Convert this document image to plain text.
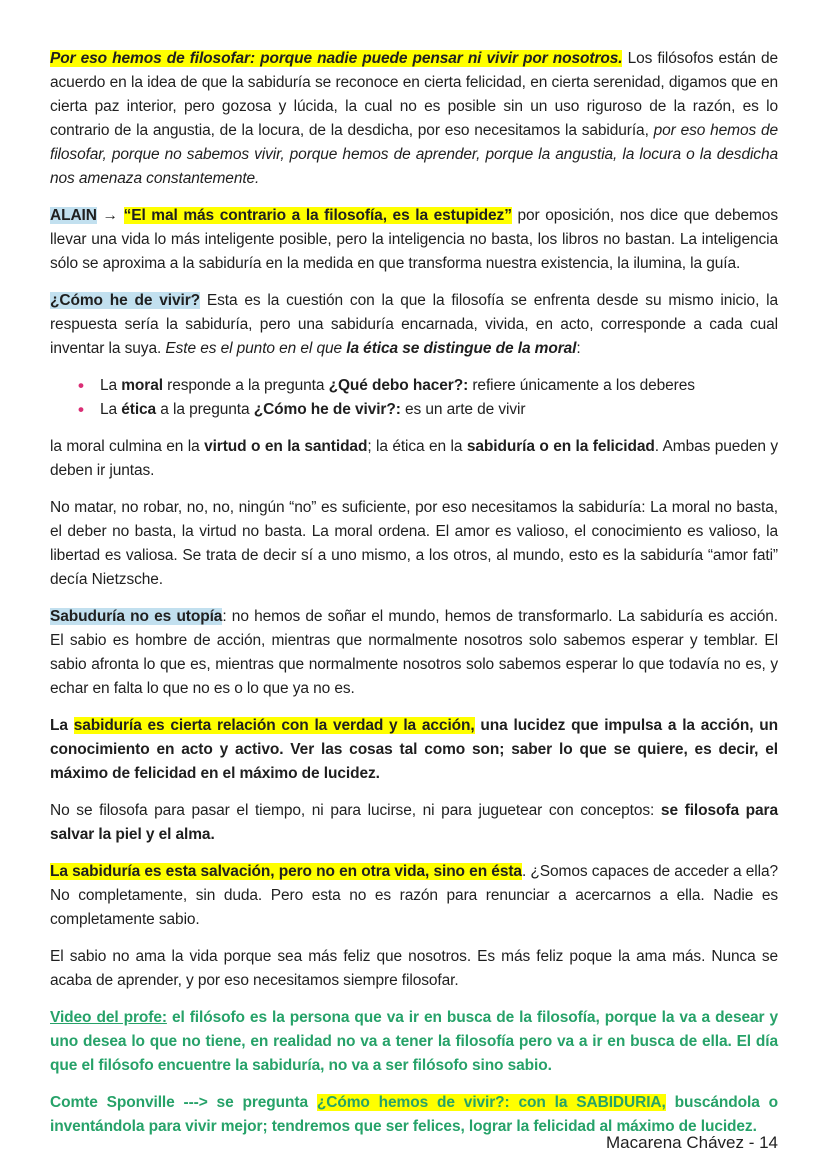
Por eso hemos de filosofar: porque nadie puede pensar ni vivir por nosotros. Los filósofos están de acuerdo en la idea de que la sabiduría se reconoce en cierta felicidad, en cierta serenidad, digamos que en cierta paz interior, pero gozosa y lúcida, la cual no es posible sin un uso riguroso de la razón, es lo contrario de la angustia, de la locura, de la desdicha, por eso necesitamos la sabiduría, por eso hemos de filosofar, porque no sabemos vivir, porque hemos de aprender, porque la angustia, la locura o la desdicha nos amenaza constantemente.

ALAIN → “El mal más contrario a la filosofía, es la estupidez” por oposición, nos dice que debemos llevar una vida lo más inteligente posible, pero la inteligencia no basta, los libros no bastan. La inteligencia sólo se aproxima a la sabiduría en la medida en que transforma nuestra existencia, la ilumina, la guía.

¿Cómo he de vivir? Esta es la cuestión con la que la filosofía se enfrenta desde su mismo inicio, la respuesta sería la sabiduría, pero una sabiduría encarnada, vivida, en acto, corresponde a cada cual inventar la suya. Este es el punto en el que la ética se distingue de la moral:

• La moral responde a la pregunta ¿Qué debo hacer?: refiere únicamente a los deberes
• La ética a la pregunta ¿Cómo he de vivir?: es un arte de vivir

la moral culmina en la virtud o en la santidad; la ética en la sabiduría o en la felicidad. Ambas pueden y deben ir juntas.

No matar, no robar, no, no, ningún “no” es suficiente, por eso necesitamos la sabiduría: La moral no basta, el deber no basta, la virtud no basta. La moral ordena. El amor es valioso, el conocimiento es valioso, la libertad es valiosa. Se trata de decir sí a uno mismo, a los otros, al mundo, esto es la sabiduría “amor fati” decía Nietzsche.

Sabuduría no es utopía: no hemos de soñar el mundo, hemos de transformarlo. La sabiduría es acción. El sabio es hombre de acción, mientras que normalmente nosotros solo sabemos esperar y temblar. El sabio afronta lo que es, mientras que normalmente nosotros solo sabemos esperar lo que todavía no es, y echar en falta lo que no es o lo que ya no es.

La sabiduría es cierta relación con la verdad y la acción, una lucidez que impulsa a la acción, un conocimiento en acto y activo. Ver las cosas tal como son; saber lo que se quiere, es decir, el máximo de felicidad en el máximo de lucidez.

No se filosofa para pasar el tiempo, ni para lucirse, ni para juguetear con conceptos: se filosofa para salvar la piel y el alma.

La sabiduría es esta salvación, pero no en otra vida, sino en ésta. ¿Somos capaces de acceder a ella? No completamente, sin duda. Pero esta no es razón para renunciar a acercarnos a ella. Nadie es completamente sabio.

El sabio no ama la vida porque sea más feliz que nosotros. Es más feliz poque la ama más. Nunca se acaba de aprender, y por eso necesitamos siempre filosofar.

Video del profe: el filósofo es la persona que va ir en busca de la filosofía, porque la va a desear y uno desea lo que no tiene, en realidad no va a tener la filosofía pero va a ir en busca de ella. El día que el filósofo encuentre la sabiduría, no va a ser filósofo sino sabio.

Comte Sponville ---> se pregunta ¿Cómo hemos de vivir?: con la SABIDURIA, buscándola o inventándola para vivir mejor; tendremos que ser felices, lograr la felicidad al máximo de lucidez.

Macarena Chávez - 14
